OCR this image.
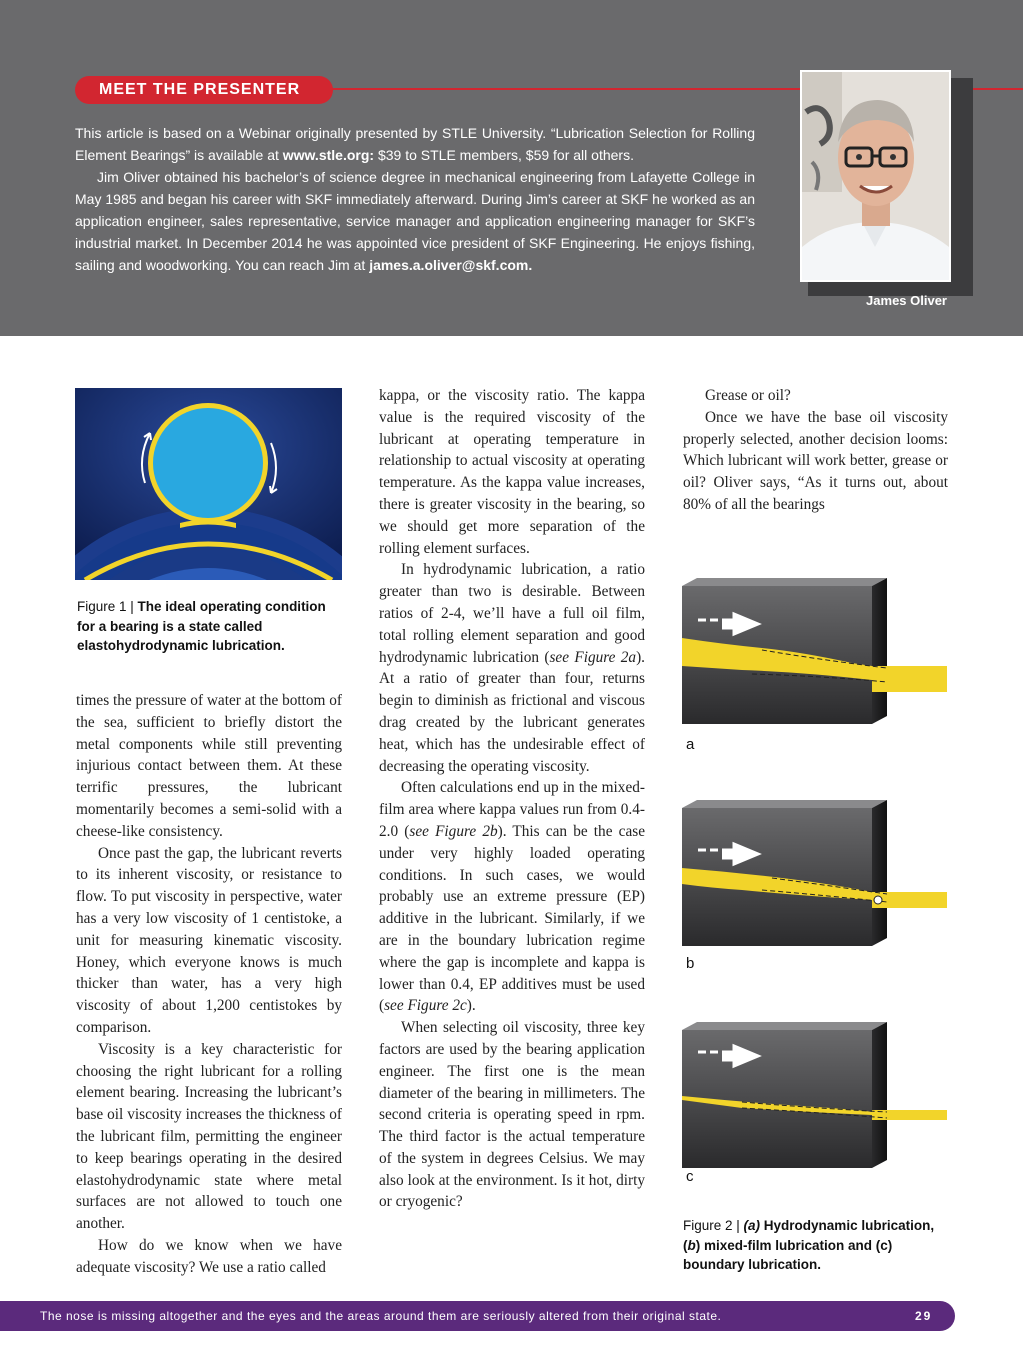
MEET THE PRESENTER

This article is based on a Webinar originally presented by STLE University. “Lubrication Selection for Rolling Element Bearings” is available at www.stle.org: $39 to STLE members, $59 for all others.

Jim Oliver obtained his bachelor’s of science degree in mechanical engineering from Lafayette College in May 1985 and began his career with SKF immediately afterward. During Jim’s career at SKF he worked as an application engineer, sales representative, service manager and application engineering manager for SKF’s industrial market. In December 2014 he was appointed vice president of SKF Engineering. He enjoys fishing, sailing and woodworking. You can reach Jim at james.a.oliver@skf.com.

James Oliver
Figure 1 | The ideal operating condition for a bearing is a state called elastohydrodynamic lubrication.

times the pressure of water at the bottom of the sea, sufficient to briefly distort the metal components while still preventing injurious contact between them. At these terrific pressures, the lubricant momentarily becomes a semi-solid with a cheese-like consistency.

Once past the gap, the lubricant reverts to its inherent viscosity, or resistance to flow. To put viscosity in perspective, water has a very low viscosity of 1 centistoke, a unit for measuring kinematic viscosity. Honey, which everyone knows is much thicker than water, has a very high viscosity of about 1,200 centistokes by comparison.

Viscosity is a key characteristic for choosing the right lubricant for a rolling element bearing. Increasing the lubricant’s base oil viscosity increases the thickness of the lubricant film, permitting the engineer to keep bearings operating in the desired elastohydrodynamic state where metal surfaces are not allowed to touch one another.

How do we know when we have adequate viscosity? We use a ratio called

kappa, or the viscosity ratio. The kappa value is the required viscosity of the lubricant at operating temperature in relationship to actual viscosity at operating temperature. As the kappa value increases, there is greater viscosity in the bearing, so we should get more separation of the rolling element surfaces.

In hydrodynamic lubrication, a ratio greater than two is desirable. Between ratios of 2-4, we’ll have a full oil film, total rolling element separation and good hydrodynamic lubrication (see Figure 2a). At a ratio of greater than four, returns begin to diminish as frictional and viscous drag created by the lubricant generates heat, which has the undesirable effect of decreasing the operating viscosity.

Often calculations end up in the mixed-film area where kappa values run from 0.4-2.0 (see Figure 2b). This can be the case under very highly loaded operating conditions. In such cases, we would probably use an extreme pressure (EP) additive in the lubricant. Similarly, if we are in the boundary lubrication regime where the gap is incomplete and kappa is lower than 0.4, EP additives must be used (see Figure 2c).

When selecting oil viscosity, three key factors are used by the bearing application engineer. The first one is the mean diameter of the bearing in millimeters. The second criteria is operating speed in rpm. The third factor is the actual temperature of the system in degrees Celsius. We may also look at the environment. Is it hot, dirty or cryogenic?

Grease or oil?

Once we have the base oil viscosity properly selected, another decision looms: Which lubricant will work better, grease or oil? Oliver says, “As it turns out, about 80% of all the bearings

a
b
c
Figure 2 | (a) Hydrodynamic lubrication, (b) mixed-film lubrication and (c) boundary lubrication.
The nose is missing altogether and the eyes and the areas around them are seriously altered from their original state.	29
